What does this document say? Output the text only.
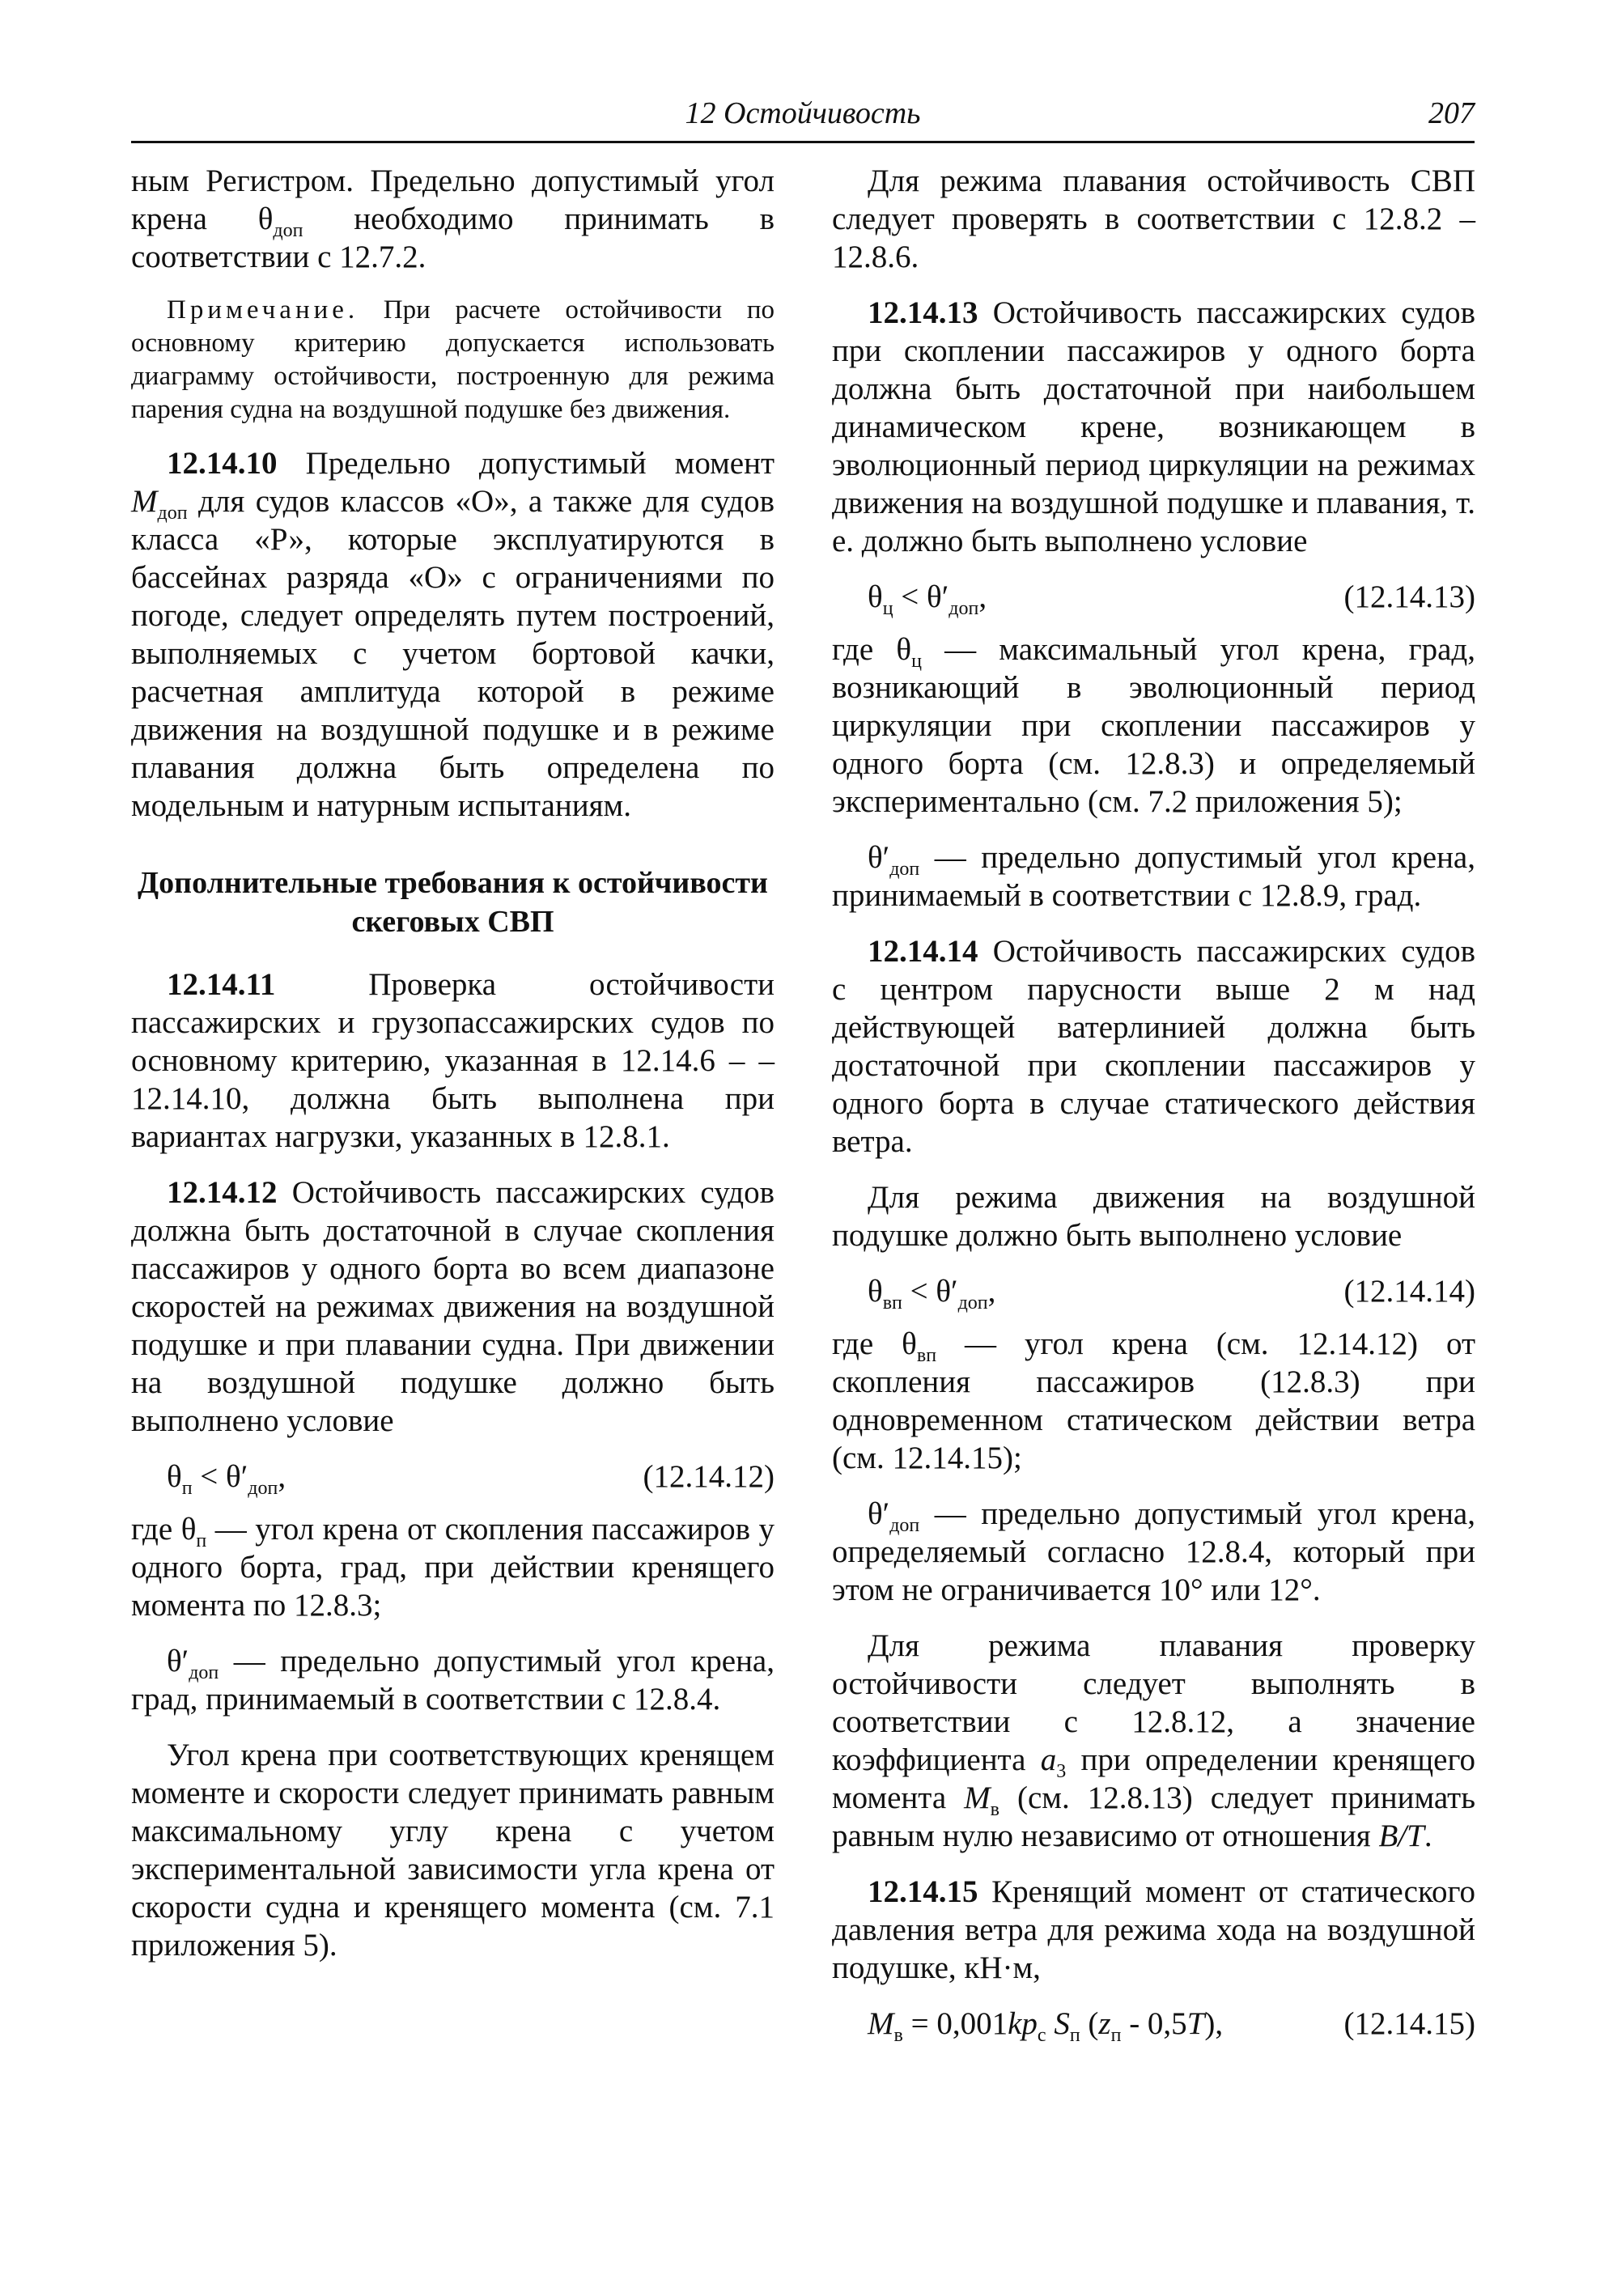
12 Остойчивость	207

ным Регистром. Предельно допустимый угол крена $\theta_{доп}$ необходимо принимать в соответствии с 12.7.2.

Примечание. При расчете остойчивости по основному критерию допускается использовать диаграмму остойчивости, построенную для режима парения судна на воздушной подушке без движения.

12.14.10 Предельно допустимый момент $M_{доп}$ для судов классов «О», а также для судов класса «Р», которые эксплуатируются в бассейнах разряда «О» с ограничениями по погоде, следует определять путем построений, выполняемых с учетом бортовой качки, расчетная амплитуда которой в режиме движения на воздушной подушке и в режиме плавания должна быть определена по модельным и натурным испытаниям.

Дополнительные требования к остойчивости скеговых СВП

12.14.11 Проверка остойчивости пассажирских и грузопассажирских судов по основному критерию, указанная в 12.14.6 – – 12.14.10, должна быть выполнена при вариантах нагрузки, указанных в 12.8.1.

12.14.12 Остойчивость пассажирских судов должна быть достаточной в случае скопления пассажиров у одного борта во всем диапазоне скоростей на режимах движения на воздушной подушке и при плавании судна. При движении на воздушной подушке должно быть выполнено условие

$\theta_п < \theta'_{доп}$,	(12.14.12)

где $\theta_п$ — угол крена от скопления пассажиров у одного борта, град, при действии кренящего момента по 12.8.3;

$\theta'_{доп}$ — предельно допустимый угол крена, град, принимаемый в соответствии с 12.8.4.

Угол крена при соответствующих кренящем моменте и скорости следует принимать равным максимальному углу крена с учетом экспериментальной зависимости угла крена от скорости судна и кренящего момента (см. 7.1 приложения 5).

Для режима плавания остойчивость СВП следует проверять в соответствии с 12.8.2 – 12.8.6.

12.14.13 Остойчивость пассажирских судов при скоплении пассажиров у одного борта должна быть достаточной при наибольшем динамическом крене, возникающем в эволюционный период циркуляции на режимах движения на воздушной подушке и плавания, т. е. должно быть выполнено условие

$\theta_ц < \theta'_{доп}$,	(12.14.13)

где $\theta_ц$ — максимальный угол крена, град, возникающий в эволюционный период циркуляции при скоплении пассажиров у одного борта (см. 12.8.3) и определяемый экспериментально (см. 7.2 приложения 5);

$\theta'_{доп}$ — предельно допустимый угол крена, принимаемый в соответствии с 12.8.9, град.

12.14.14 Остойчивость пассажирских судов с центром парусности выше 2 м над действующей ватерлинией должна быть достаточной при скоплении пассажиров у одного борта в случае статического действия ветра.

Для режима движения на воздушной подушке должно быть выполнено условие

$\theta_{вп} < \theta'_{доп}$,	(12.14.14)

где $\theta_{вп}$ — угол крена (см. 12.14.12) от скопления пассажиров (12.8.3) при одновременном статическом действии ветра (см. 12.14.15);

$\theta'_{доп}$ — предельно допустимый угол крена, определяемый согласно 12.8.4, который при этом не ограничивается 10° или 12°.

Для режима плавания проверку остойчивости следует выполнять в соответствии с 12.8.12, а значение коэффициента $a_3$ при определении кренящего момента $M_в$ (см. 12.8.13) следует принимать равным нулю независимо от отношения B/T.

12.14.15 Кренящий момент от статического давления ветра для режима хода на воздушной подушке, кН·м,

$M_в = 0,001kp_с$ $S_п$ $(z_п - 0,5T)$,	(12.14.15)
